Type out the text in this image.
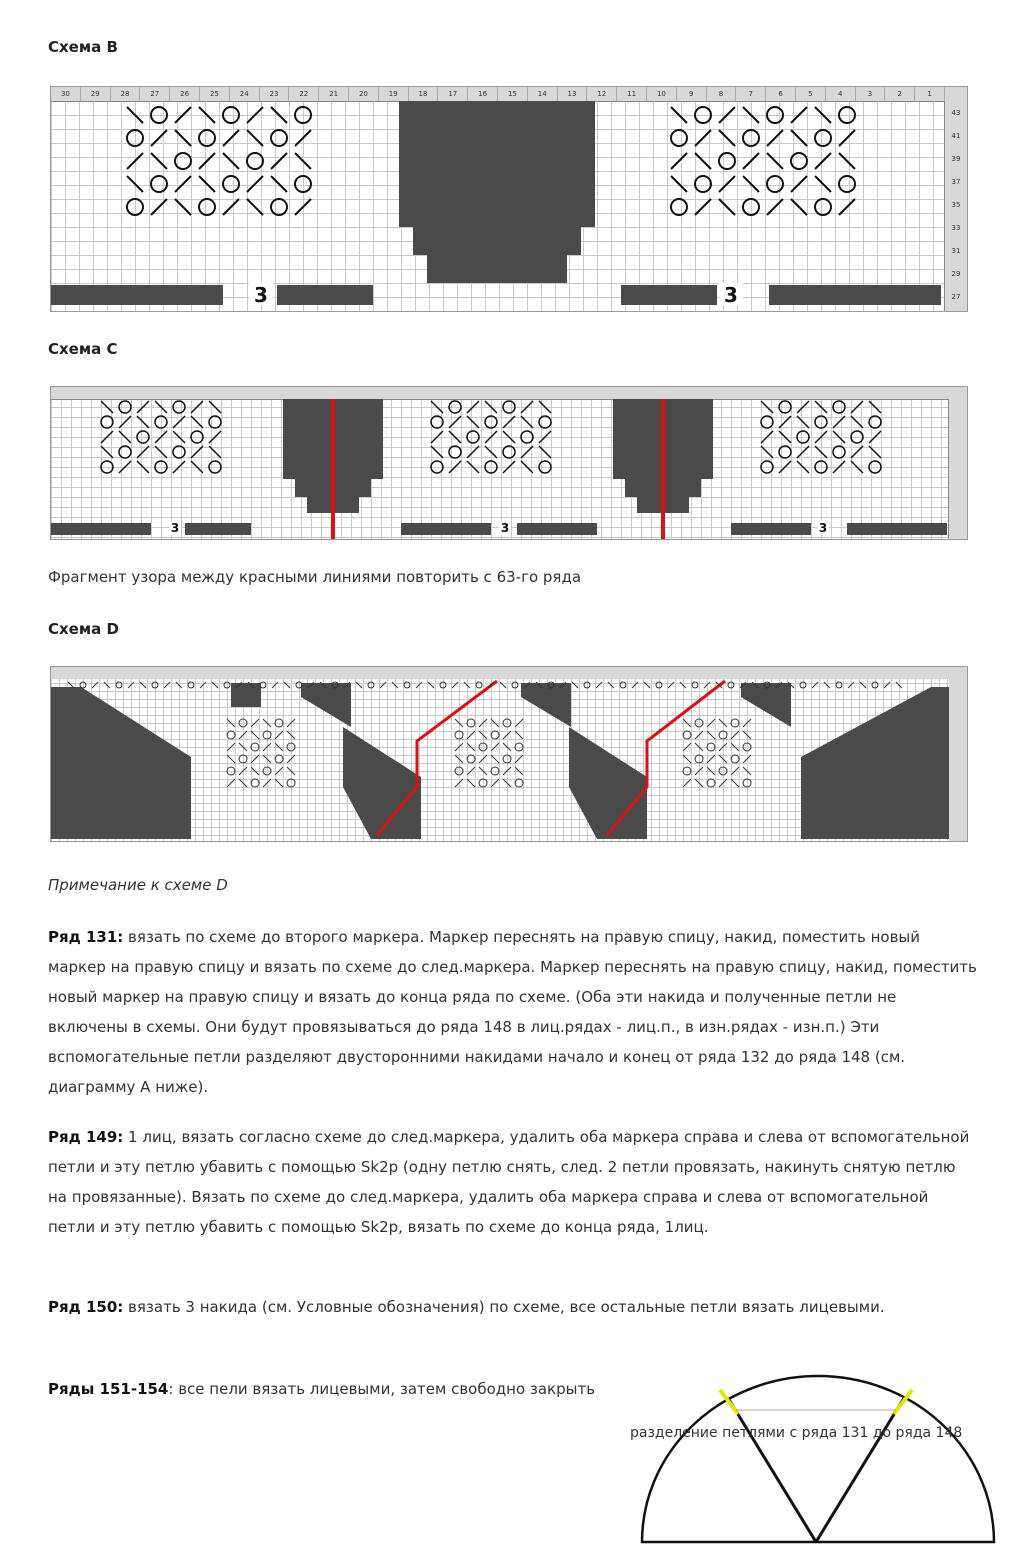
Схема B
30	29	28	27	26	25	24	23	22	21	20	19	18	17	16	15	14	13	12	11	10	9	8	7	6	5	4	3	2	1
43
41
39
37
35
33
31
29
27
3	3
Схема C
3	3	3
Фрагмент узора между красными линиями повторить с 63-го ряда
Схема D
Примечание к схеме D
Ряд 131: вязать по схеме до второго маркера. Маркер переснять на правую спицу, накид, поместить новый маркер на правую спицу и вязать по схеме до след.маркера. Маркер переснять на правую спицу, накид, поместить новый маркер на правую спицу и вязать до конца ряда по схеме. (Оба эти накида и полученные петли не включены в схемы. Они будут провязываться до ряда 148 в лиц.рядах - лиц.п., в изн.рядах - изн.п.) Эти вспомогательные петли разделяют двусторонними накидами начало и конец от ряда 132 до ряда 148 (см. диаграмму А ниже).
Ряд 149: 1 лиц, вязать согласно схеме до след.маркера, удалить оба маркера справа и слева от вспомогательной петли и эту петлю убавить с помощью Sk2p (одну петлю снять, след. 2 петли провязать, накинуть снятую петлю на провязанные). Вязать по схеме до след.маркера, удалить оба маркера справа и слева от вспомогательной петли и эту петлю убавить с помощью Sk2p, вязать по схеме до конца ряда, 1лиц.
Ряд 150: вязать 3 накида (см. Условные обозначения) по схеме, все остальные петли вязать лицевыми.
Ряды 151-154: все пели вязать лицевыми, затем свободно закрыть
разделение петлями с ряда 131 до ряда 148
